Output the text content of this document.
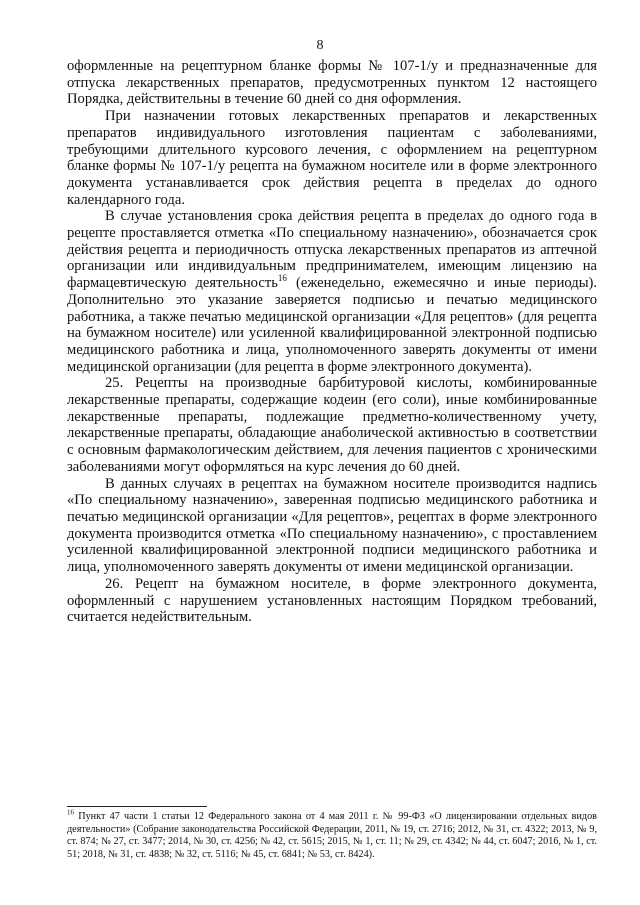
8

оформленные на рецептурном бланке формы № 107-1/у и предназначенные для отпуска лекарственных препаратов, предусмотренных пунктом 12 настоящего Порядка, действительны в течение 60 дней со дня оформления.

При назначении готовых лекарственных препаратов и лекарственных препаратов индивидуального изготовления пациентам с заболеваниями, требующими длительного курсового лечения, с оформлением на рецептурном бланке формы № 107-1/у рецепта на бумажном носителе или в форме электронного документа устанавливается срок действия рецепта в пределах до одного календарного года.

В случае установления срока действия рецепта в пределах до одного года в рецепте проставляется отметка «По специальному назначению», обозначается срок действия рецепта и периодичность отпуска лекарственных препаратов из аптечной организации или индивидуальным предпринимателем, имеющим лицензию на фармацевтическую деятельность$^{16}$ (еженедельно, ежемесячно и иные периоды). Дополнительно это указание заверяется подписью и печатью медицинского работника, а также печатью медицинской организации «Для рецептов» (для рецепта на бумажном носителе) или усиленной квалифицированной электронной подписью медицинского работника и лица, уполномоченного заверять документы от имени медицинской организации (для рецепта в форме электронного документа).

25. Рецепты на производные барбитуровой кислоты, комбинированные лекарственные препараты, содержащие кодеин (его соли), иные комбинированные лекарственные препараты, подлежащие предметно-количественному учету, лекарственные препараты, обладающие анаболической активностью в соответствии с основным фармакологическим действием, для лечения пациентов с хроническими заболеваниями могут оформляться на курс лечения до 60 дней.

В данных случаях в рецептах на бумажном носителе производится надпись «По специальному назначению», заверенная подписью медицинского работника и печатью медицинской организации «Для рецептов», рецептах в форме электронного документа производится отметка «По специальному назначению», с проставлением усиленной квалифицированной электронной подписи медицинского работника и лица, уполномоченного заверять документы от имени медицинской организации.

26. Рецепт на бумажном носителе, в форме электронного документа, оформленный с нарушением установленных настоящим Порядком требований, считается недействительным.

$^{16}$ Пункт 47 части 1 статьи 12 Федерального закона от 4 мая 2011 г. № 99-ФЗ «О лицензировании отдельных видов деятельности» (Собрание законодательства Российской Федерации, 2011, № 19, ст. 2716; 2012, № 31, ст. 4322; 2013, № 9, ст. 874; № 27, ст. 3477; 2014, № 30, ст. 4256; № 42, ст. 5615; 2015, № 1, ст. 11; № 29, ст. 4342; № 44, ст. 6047; 2016, № 1, ст. 51; 2018, № 31, ст. 4838; № 32, ст. 5116; № 45, ст. 6841; № 53, ст. 8424).
